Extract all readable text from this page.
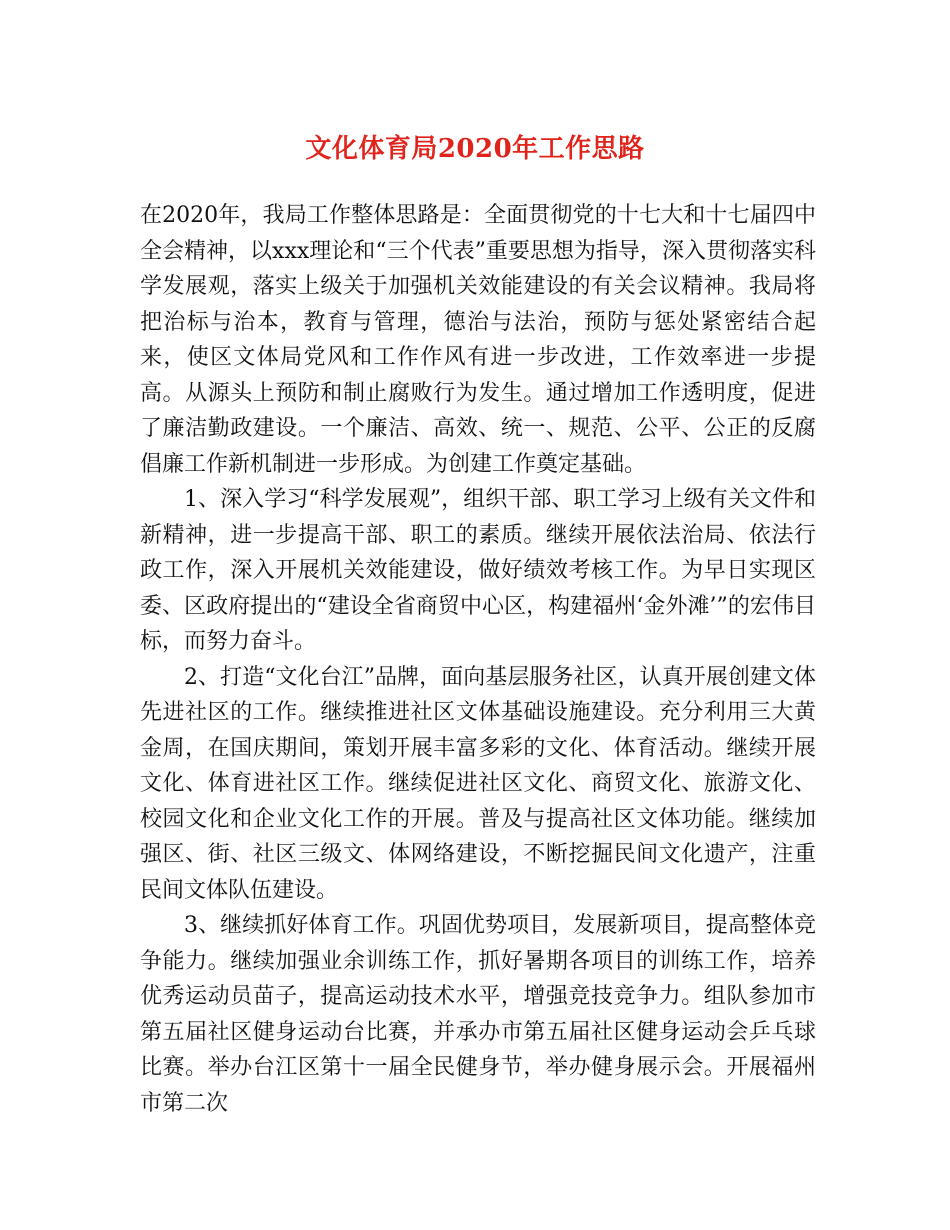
文化体育局2020年工作思路

在2020年，我局工作整体思路是：全面贯彻党的十七大和十七届四中全会精神，以xxx理论和“三个代表”重要思想为指导，深入贯彻落实科学发展观，落实上级关于加强机关效能建设的有关会议精神。我局将把治标与治本，教育与管理，德治与法治，预防与惩处紧密结合起来，使区文体局党风和工作作风有进一步改进，工作效率进一步提高。从源头上预防和制止腐败行为发生。通过增加工作透明度，促进了廉洁勤政建设。一个廉洁、高效、统一、规范、公平、公正的反腐倡廉工作新机制进一步形成。为创建工作奠定基础。

1、深入学习“科学发展观”，组织干部、职工学习上级有关文件和新精神，进一步提高干部、职工的素质。继续开展依法治局、依法行政工作，深入开展机关效能建设，做好绩效考核工作。为早日实现区委、区政府提出的“建设全省商贸中心区，构建福州‘金外滩’”的宏伟目标，而努力奋斗。

2、打造“文化台江”品牌，面向基层服务社区，认真开展创建文体先进社区的工作。继续推进社区文体基础设施建设。充分利用三大黄金周，在国庆期间，策划开展丰富多彩的文化、体育活动。继续开展文化、体育进社区工作。继续促进社区文化、商贸文化、旅游文化、校园文化和企业文化工作的开展。普及与提高社区文体功能。继续加强区、街、社区三级文、体网络建设，不断挖掘民间文化遗产，注重民间文体队伍建设。

3、继续抓好体育工作。巩固优势项目，发展新项目，提高整体竞争能力。继续加强业余训练工作，抓好暑期各项目的训练工作，培养优秀运动员苗子，提高运动技术水平，增强竞技竞争力。组队参加市第五届社区健身运动台比赛，并承办市第五届社区健身运动会乒乓球比赛。举办台江区第十一届全民健身节，举办健身展示会。开展福州市第二次
